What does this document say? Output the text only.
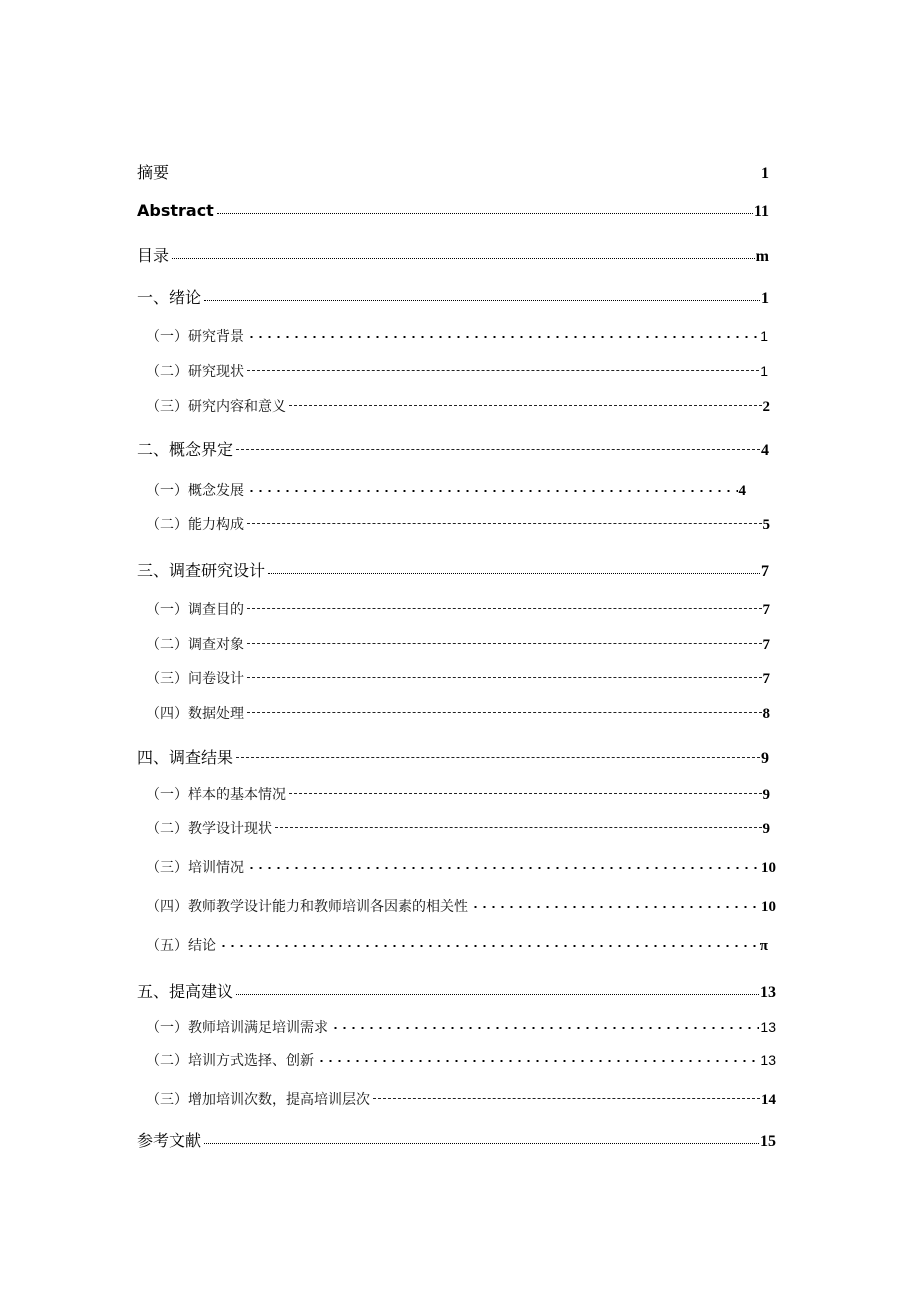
摘要	1
Abstract	11
目录	m
一、绪论	1
（一）研究背景	1
（二）研究现状	1
（三）研究内容和意义	2
二、概念界定	4
（一）概念发展	4
（二）能力构成	5
三、调查研究设计	7
（一）调查目的	7
（二）调查对象	7
（三）问卷设计	7
（四）数据处理	8
四、调查结果	9
（一）样本的基本情况	9
（二）教学设计现状	9
（三）培训情况	10
（四）教师教学设计能力和教师培训各因素的相关性	10
（五）结论	π
五、提高建议	13
（一）教师培训满足培训需求	13
（二）培训方式选择、创新	13
（三）增加培训次数，提高培训层次	14
参考文献	15
